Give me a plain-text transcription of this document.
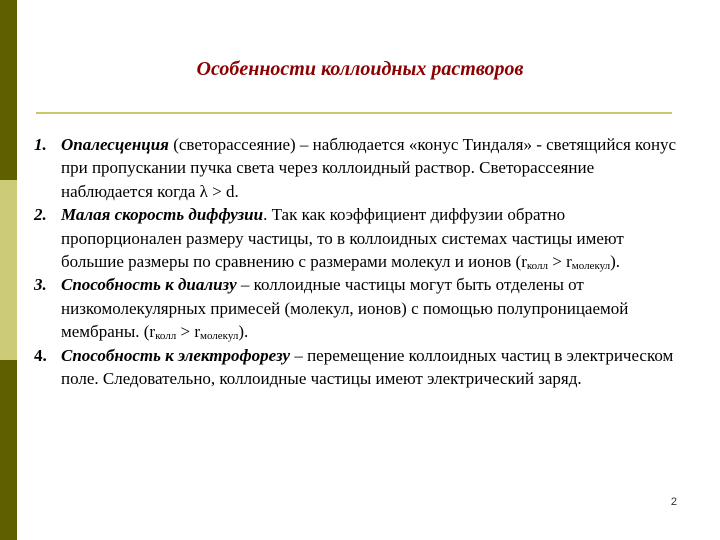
Особенности коллоидных растворов
1. Опалесценция (светорассеяние) – наблюдается «конус Тиндаля» - светящийся конус при пропускании пучка света через коллоидный раствор. Светорассеяние наблюдается когда λ > d.
2. Малая скорость диффузии. Так как коэффициент диффузии обратно пропорционален размеру частицы, то в коллоидных системах частицы имеют большие размеры по сравнению с размерами молекул и ионов $(r_{колл} > r_{молекул})$.
3. Способность к диализу – коллоидные частицы могут быть отделены от низкомолекулярных примесей (молекул, ионов) с помощью полупроницаемой мембраны. $(r_{колл} > r_{молекул})$.
4. Способность к электрофорезу – перемещение коллоидных частиц в электрическом поле. Следовательно, коллоидные частицы имеют электрический заряд.
2
